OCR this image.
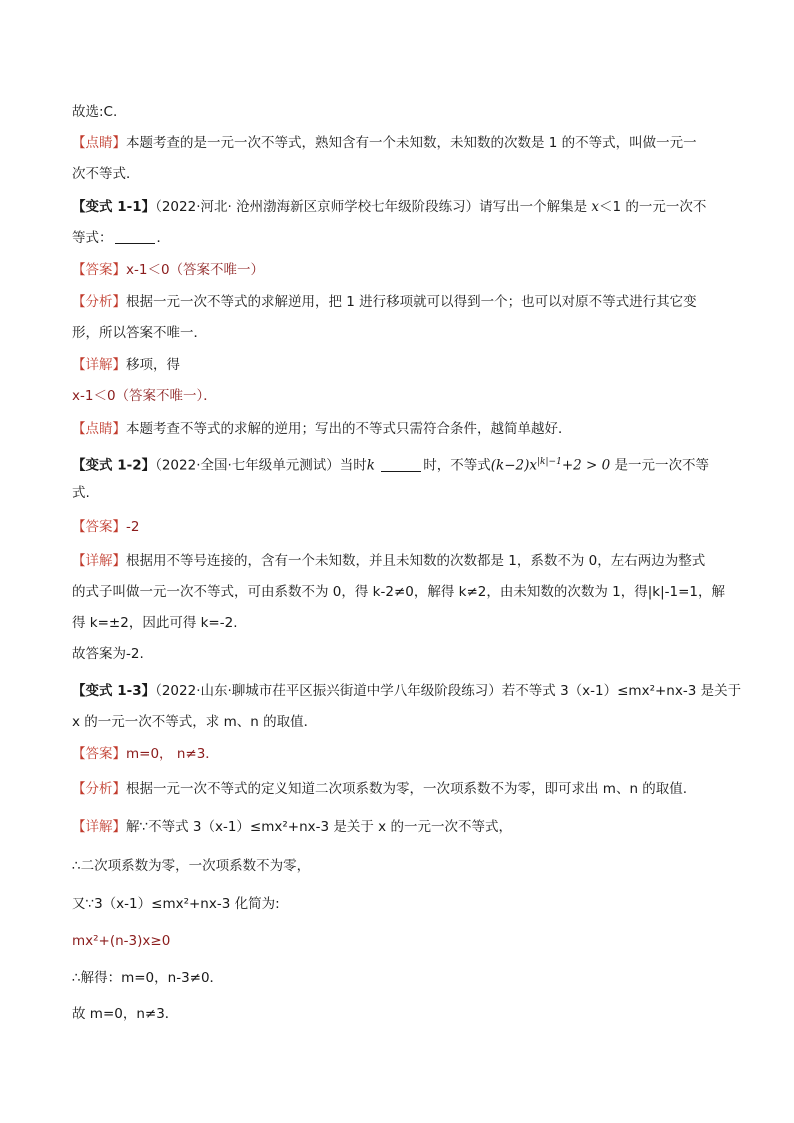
故选:C.
【点睛】本题考查的是一元一次不等式，熟知含有一个未知数，未知数的次数是 1 的不等式，叫做一元一
次不等式．
【变式 1-1】（2022·河北· 沧州渤海新区京师学校七年级阶段练习）请写出一个解集是 x＜1 的一元一次不
等式：	．
【答案】x-1＜0（答案不唯一）
【分析】根据一元一次不等式的求解逆用，把 1 进行移项就可以得到一个；也可以对原不等式进行其它变
形，所以答案不唯一．
【详解】移项，得
x-1＜0（答案不唯一）．
【点睛】本题考查不等式的求解的逆用；写出的不等式只需符合条件，越简单越好．
【变式 1-2】（2022·全国·七年级单元测试）当时k	时，不等式$(k-2)x^{|k|-1}+2 > 0$ 是一元一次不等
式.
【答案】-2
【详解】根据用不等号连接的，含有一个未知数，并且未知数的次数都是 1，系数不为 0，左右两边为整式
的式子叫做一元一次不等式，可由系数不为 0，得 k-2≠0，解得 k≠2，由未知数的次数为 1，得|k|-1=1，解
得 k=±2，因此可得 k=-2.
故答案为-2.
【变式 1-3】（2022·山东·聊城市茌平区振兴街道中学八年级阶段练习）若不等式 3（x-1）≤mx²+nx-3 是关于
x 的一元一次不等式，求 m、n 的取值．
【答案】m=0， n≠3．
【分析】根据一元一次不等式的定义知道二次项系数为零，一次项系数不为零，即可求出 m、n 的取值.
【详解】解∵不等式 3（x-1）≤mx²+nx-3 是关于 x 的一元一次不等式，
∴二次项系数为零，一次项系数不为零，
又∵3（x-1）≤mx²+nx-3 化简为:
mx²+(n-3)x≥0
∴解得：m=0，n-3≠0．
故 m=0，n≠3．
